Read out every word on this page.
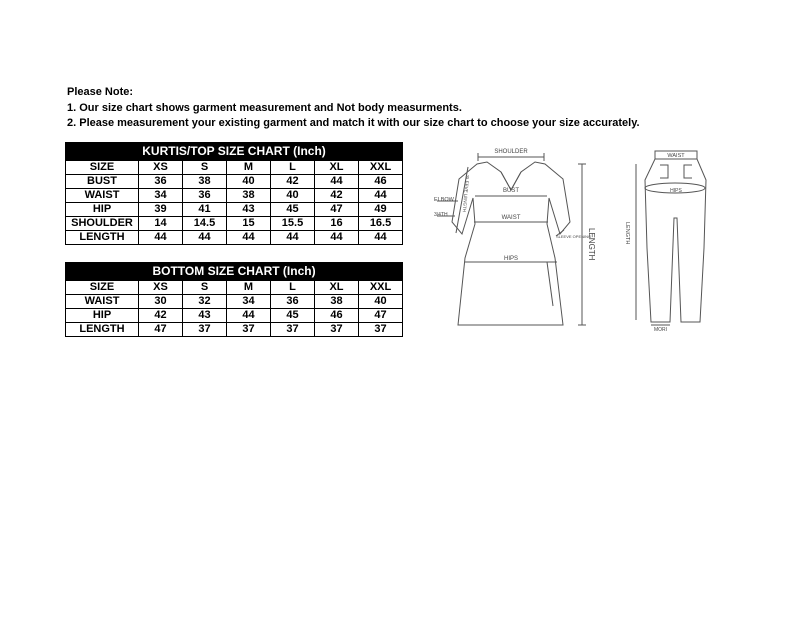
Please Note:
1. Our size chart shows garment measurement and Not body measurments.
2. Please measurement your existing garment and match it with our size chart to choose your size accurately.
KURTIS/TOP SIZE CHART (Inch)						
SIZE	XS	S	M	L	XL	XXL
BUST	36	38	40	42	44	46
WAIST	34	36	38	40	42	44
HIP	39	41	43	45	47	49
SHOULDER	14	14.5	15	15.5	16	16.5
LENGTH	44	44	44	44	44	44
BOTTOM SIZE CHART (Inch)						
SIZE	XS	S	M	L	XL	XXL
WAIST	30	32	34	36	38	40
HIP	42	43	44	45	46	47
LENGTH	47	37	37	37	37	37
SHOULDER
BUST
WAIST
HIPS
ELBOW
3/4TH
SLEEVE LENGTH
SLEEVE OPENING
LENGTH
WAIST
HIPS
LENGTH
MORI
